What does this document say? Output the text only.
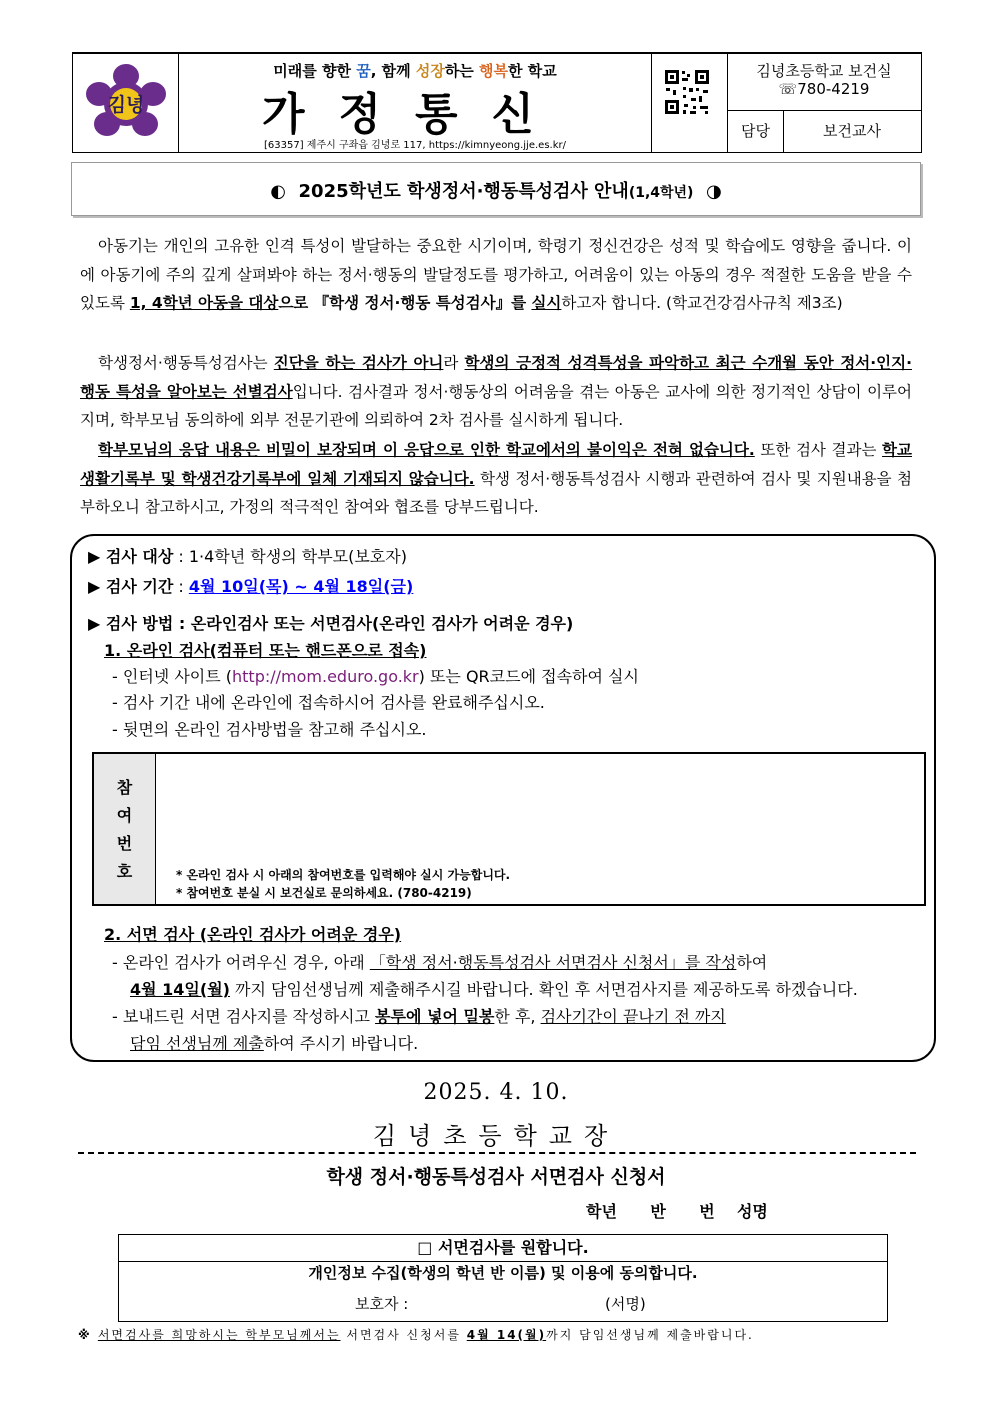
김녕
미래를 향한 꿈, 함께 성장하는 행복한 학교
가정통신
[63357] 제주시 구좌읍 김녕로 117, https://kimnyeong.jje.es.kr/
김녕초등학교 보건실
☏780-4219
담당	보건교사
◐ 2025학년도 학생정서·행동특성검사 안내(1,4학년) ◑
아동기는 개인의 고유한 인격 특성이 발달하는 중요한 시기이며, 학령기 정신건강은 성적 및 학습에도 영향을 줍니다. 이에 아동기에 주의 깊게 살펴봐야 하는 정서·행동의 발달정도를 평가하고, 어려움이 있는 아동의 경우 적절한 도움을 받을 수 있도록 1, 4학년 아동을 대상으로 『학생 정서·행동 특성검사』를 실시하고자 합니다. (학교건강검사규칙 제3조)
학생정서·행동특성검사는 진단을 하는 검사가 아니라 학생의 긍정적 성격특성을 파악하고 최근 수개월 동안 정서·인지·행동 특성을 알아보는 선별검사입니다. 검사결과 정서·행동상의 어려움을 겪는 아동은 교사에 의한 정기적인 상담이 이루어지며, 학부모님 동의하에 외부 전문기관에 의뢰하여 2차 검사를 실시하게 됩니다.
학부모님의 응답 내용은 비밀이 보장되며 이 응답으로 인한 학교에서의 불이익은 전혀 없습니다. 또한 검사 결과는 학교생활기록부 및 학생건강기록부에 일체 기재되지 않습니다. 학생 정서·행동특성검사 시행과 관련하여 검사 및 지원내용을 첨부하오니 참고하시고, 가정의 적극적인 참여와 협조를 당부드립니다.
▶ 검사 대상 : 1·4학년 학생의 학부모(보호자)
▶ 검사 기간 : 4월 10일(목) ~ 4월 18일(금)
▶ 검사 방법 : 온라인검사 또는 서면검사(온라인 검사가 어려운 경우)
1. 온라인 검사(컴퓨터 또는 핸드폰으로 접속)
- 인터넷 사이트 (http://mom.eduro.go.kr) 또는 QR코드에 접속하여 실시
- 검사 기간 내에 온라인에 접속하시어 검사를 완료해주십시오.
- 뒷면의 온라인 검사방법을 참고해 주십시오.
참
여
번
호	* 온라인 검사 시 아래의 참여번호를 입력해야 실시 가능합니다.
* 참여번호 분실 시 보건실로 문의하세요. (780-4219)
2. 서면 검사 (온라인 검사가 어려운 경우)
- 온라인 검사가 어려우신 경우, 아래 「학생 정서·행동특성검사 서면검사 신청서」를 작성하여
4월 14일(월) 까지 담임선생님께 제출해주시길 바랍니다. 확인 후 서면검사지를 제공하도록 하겠습니다.
- 보내드린 서면 검사지를 작성하시고 봉투에 넣어 밀봉한 후, 검사기간이 끝나기 전 까지
담임 선생님께 제출하여 주시기 바랍니다.
2025. 4. 10.
김녕초등학교장
학생 정서·행동특성검사 서면검사 신청서
학년      반      번    성명
□ 서면검사를 원합니다.
개인정보 수집(학생의 학년 반 이름) 및 이용에 동의합니다.
보호자 :	(서명)
※ 서면검사를 희망하시는 학부모님께서는 서면검사 신청서를 4월 14(월)까지 담임선생님께 제출바랍니다.
